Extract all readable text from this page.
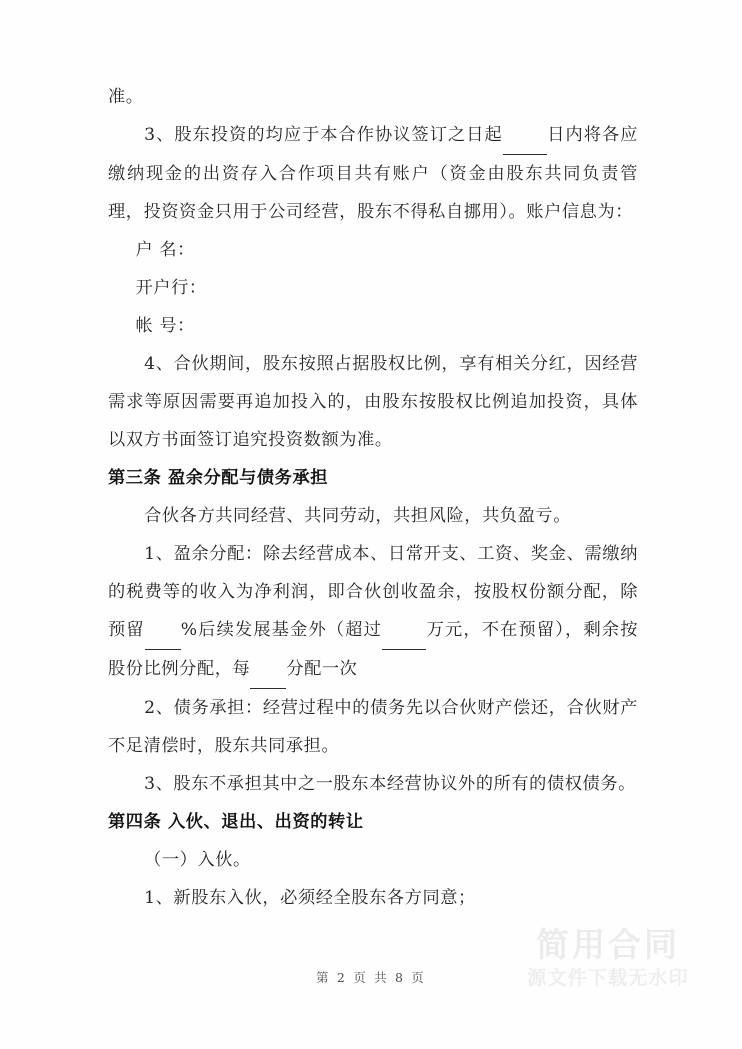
准。

3、股东投资的均应于本合作协议签订之日起	日内将各应缴纳现金的出资存入合作项目共有账户（资金由股东共同负责管理，投资资金只用于公司经营，股东不得私自挪用）。账户信息为：

户 名：

开户行：

帐 号：

4、合伙期间，股东按照占据股权比例，享有相关分红，因经营需求等原因需要再追加投入的，由股东按股权比例追加投资，具体以双方书面签订追究投资数额为准。

第三条 盈余分配与债务承担

合伙各方共同经营、共同劳动，共担风险，共负盈亏。

1、盈余分配：除去经营成本、日常开支、工资、奖金、需缴纳的税费等的收入为净利润，即合伙创收盈余，按股权份额分配，除预留 %后续发展基金外（超过	万元，不在预留），剩余按股份比例分配，每 分配一次

2、债务承担：经营过程中的债务先以合伙财产偿还，合伙财产不足清偿时，股东共同承担。

3、股东不承担其中之一股东本经营协议外的所有的债权债务。

第四条 入伙、退出、出资的转让

（一）入伙。

1、新股东入伙，必须经全股东各方同意；

第 2 页 共 8 页
简用合同
源文件下载无水印
